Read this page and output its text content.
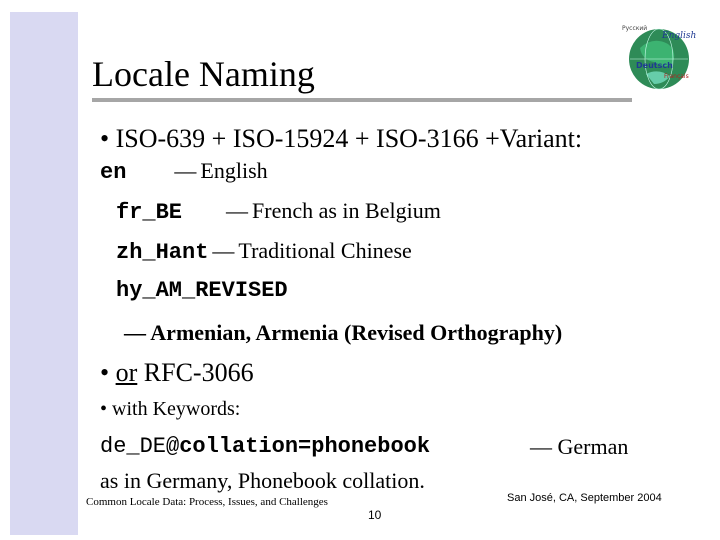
Locale Naming
Русский
English
Deutsch
Français
• ISO-639 + ISO-15924 + ISO-3166 +Variant:
en — English
fr_BE — French as in Belgium
zh_Hant — Traditional Chinese
hy_AM_REVISED
— Armenian, Armenia (Revised Orthography)
• or RFC-3066
• with Keywords:
de_DE@collation=phonebook	— German
as in Germany, Phonebook collation.
Common Locale Data: Process, Issues, and Challenges
10
San José, CA, September 2004
